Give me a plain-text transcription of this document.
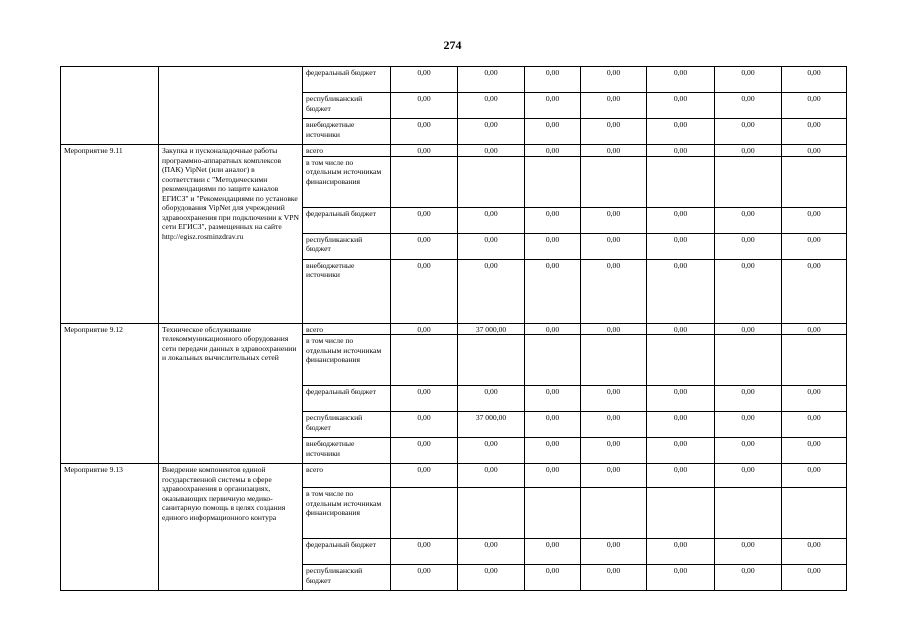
274
		федеральный бюджет	0,00	0,00	0,00	0,00	0,00	0,00	0,00
		республиканский бюджет	0,00	0,00	0,00	0,00	0,00	0,00	0,00
		внебюджетные источники	0,00	0,00	0,00	0,00	0,00	0,00	0,00
Мероприятие 9.11	Закупка и пусконаладочные работы программно-аппаратных комплексов (ПАК) VipNet (или аналог) в соответствии с "Методическими рекомендациями по защите каналов ЕГИСЗ" и "Рекомендациями по установке оборудования VipNet для учреждений здравоохранения при подключении к VPN сети ЕГИСЗ", размещенных на сайте http://egisz.rosminzdrav.ru	всего	0,00	0,00	0,00	0,00	0,00	0,00	0,00
		в том числе по отдельным источникам финансирования							
		федеральный бюджет	0,00	0,00	0,00	0,00	0,00	0,00	0,00
		республиканский бюджет	0,00	0,00	0,00	0,00	0,00	0,00	0,00
		внебюджетные источники	0,00	0,00	0,00	0,00	0,00	0,00	0,00
Мероприятие 9.12	Техническое обслуживание телекоммуникационного оборудования сети передачи данных в здравоохранении и локальных вычислительных сетей	всего	0,00	37 000,00	0,00	0,00	0,00	0,00	0,00
		в том числе по отдельным источникам финансирования							
		федеральный бюджет	0,00	0,00	0,00	0,00	0,00	0,00	0,00
		республиканский бюджет	0,00	37 000,00	0,00	0,00	0,00	0,00	0,00
		внебюджетные источники	0,00	0,00	0,00	0,00	0,00	0,00	0,00
Мероприятие 9.13	Внедрение компонентов единой государственной системы в сфере здравоохранения в организациях, оказывающих первичную медико-санитарную помощь в целях создания единого информационного контура	всего	0,00	0,00	0,00	0,00	0,00	0,00	0,00
		в том числе по отдельным источникам финансирования							
		федеральный бюджет	0,00	0,00	0,00	0,00	0,00	0,00	0,00
		республиканский бюджет	0,00	0,00	0,00	0,00	0,00	0,00	0,00
